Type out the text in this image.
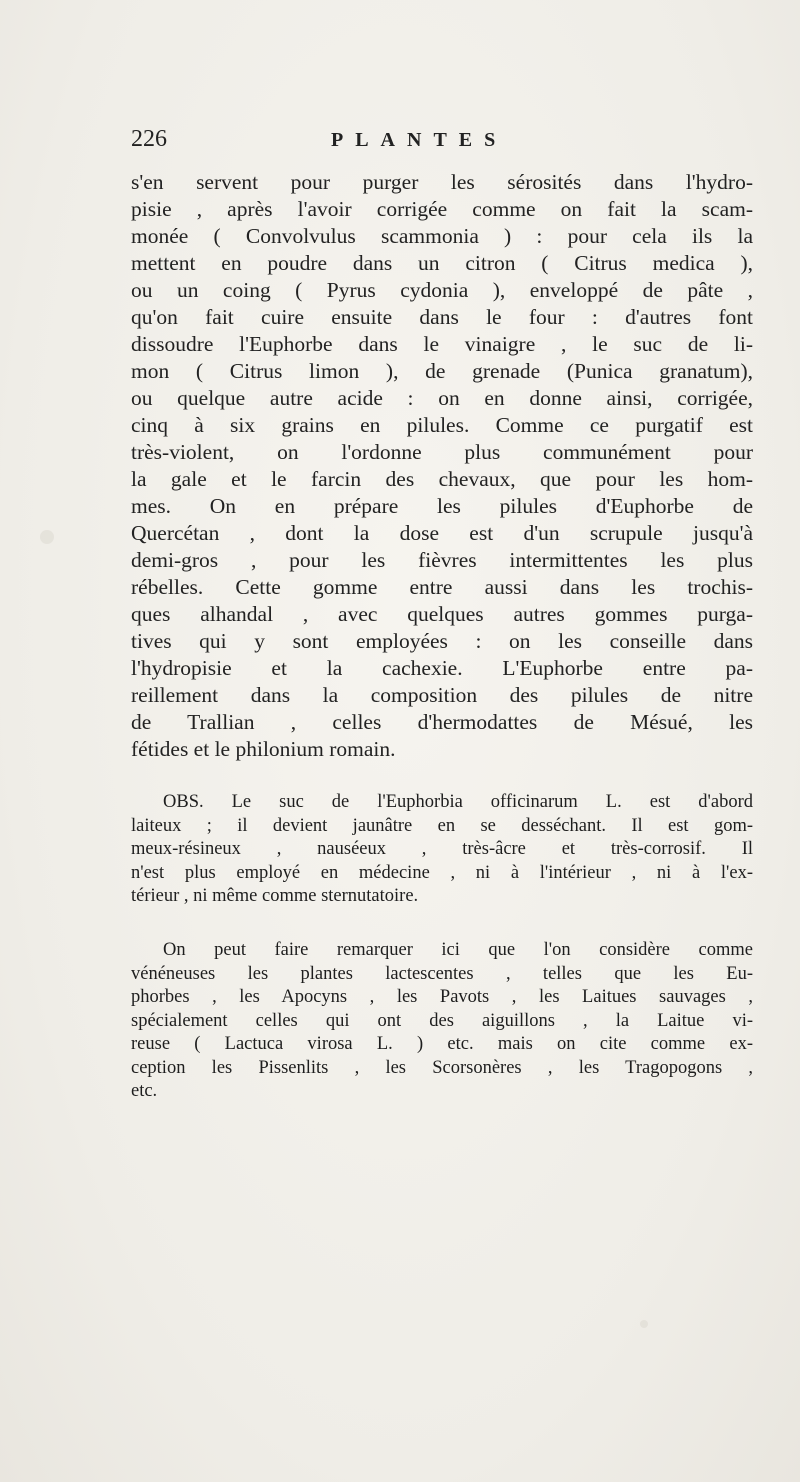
226	PLANTES
s'en servent pour purger les sérosités dans l'hydro-
pisie , après l'avoir corrigée comme on fait la scam-
monée ( Convolvulus scammonia ) : pour cela ils la
mettent en poudre dans un citron ( Citrus medica ),
ou un coing ( Pyrus cydonia ), enveloppé de pâte ,
qu'on fait cuire ensuite dans le four : d'autres font
dissoudre l'Euphorbe dans le vinaigre , le suc de li-
mon ( Citrus limon ), de grenade (Punica granatum),
ou quelque autre acide : on en donne ainsi, corrigée,
cinq à six grains en pilules. Comme ce purgatif est
très-violent, on l'ordonne plus communément pour
la gale et le farcin des chevaux, que pour les hom-
mes. On en prépare les pilules d'Euphorbe de
Quercétan , dont la dose est d'un scrupule jusqu'à
demi-gros , pour les fièvres intermittentes les plus
rébelles. Cette gomme entre aussi dans les trochis-
ques alhandal , avec quelques autres gommes purga-
tives qui y sont employées : on les conseille dans
l'hydropisie et la cachexie. L'Euphorbe entre pa-
reillement dans la composition des pilules de nitre
de Trallian , celles d'hermodattes de Mésué, les
fétides et le philonium romain.
OBS. Le suc de l'Euphorbia officinarum L. est d'abord
laiteux ; il devient jaunâtre en se desséchant. Il est gom-
meux-résineux , nauséeux , très-âcre et très-corrosif. Il
n'est plus employé en médecine , ni à l'intérieur , ni à l'ex-
térieur , ni même comme sternutatoire.
On peut faire remarquer ici que l'on considère comme
vénéneuses les plantes lactescentes , telles que les Eu-
phorbes , les Apocyns , les Pavots , les Laitues sauvages ,
spécialement celles qui ont des aiguillons , la Laitue vi-
reuse ( Lactuca virosa L. ) etc. mais on cite comme ex-
ception les Pissenlits , les Scorsonères , les Tragopogons ,
etc.
